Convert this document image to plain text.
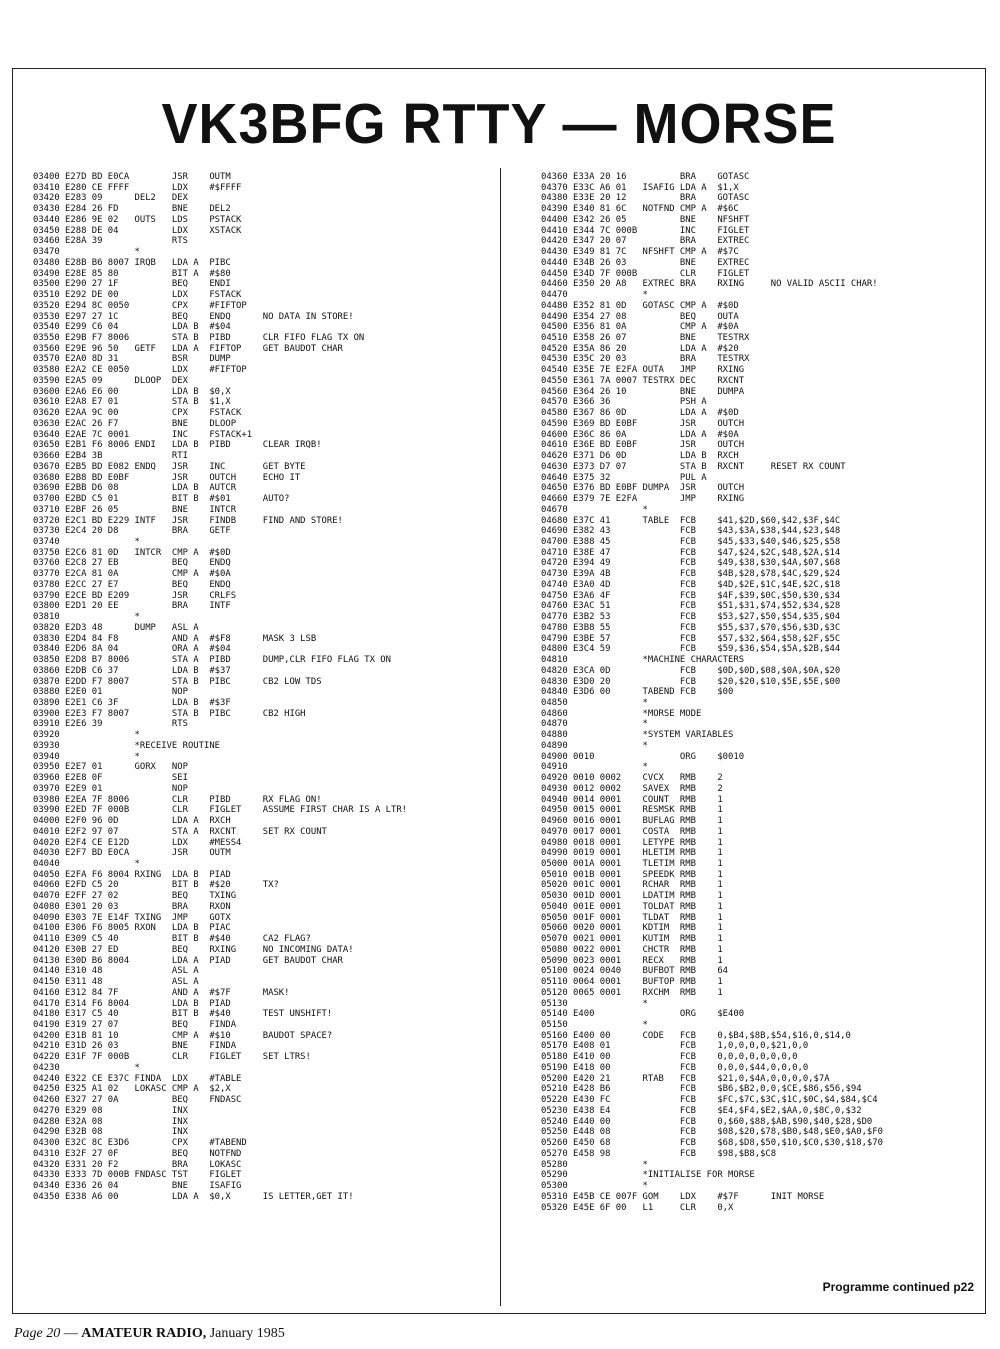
VK3BFG RTTY — MORSE
03400 E27D BD E0CA        JSR    OUTM
03410 E280 CE FFFF        LDX    #$FFFF
03420 E283 09      DEL2   DEX
03430 E284 26 FD          BNE    DEL2
03440 E286 9E 02   OUTS   LDS    PSTACK
03450 E288 DE 04          LDX    XSTACK
03460 E28A 39             RTS
03470              *
03480 E28B B6 8007 IRQB   LDA A  PIBC
03490 E28E 85 80          BIT A  #$80
03500 E290 27 1F          BEQ    ENDI
03510 E292 DE 00          LDX    FSTACK
03520 E294 8C 0050        CPX    #FIFTOP
03530 E297 27 1C          BEQ    ENDQ      NO DATA IN STORE!
03540 E299 C6 04          LDA B  #$04
03550 E29B F7 8006        STA B  PIBD      CLR FIFO FLAG TX ON
03560 E29E 96 50   GETF   LDA A  FIFTOP    GET BAUDOT CHAR
03570 E2A0 8D 31          BSR    DUMP
03580 E2A2 CE 0050        LDX    #FIFTOP
03590 E2A5 09      DLOOP  DEX
03600 E2A6 E6 00          LDA B  $0,X
03610 E2A8 E7 01          STA B  $1,X
03620 E2AA 9C 00          CPX    FSTACK
03630 E2AC 26 F7          BNE    DLOOP
03640 E2AE 7C 0001        INC    FSTACK+1
03650 E2B1 F6 8006 ENDI   LDA B  PIBD      CLEAR IRQB!
03660 E2B4 3B             RTI
03670 E2B5 BD E082 ENDQ   JSR    INC       GET BYTE
03680 E2B8 BD E0BF        JSR    OUTCH     ECHO IT
03690 E2BB D6 08          LDA B  AUTCR
03700 E2BD C5 01          BIT B  #$01      AUTO?
03710 E2BF 26 05          BNE    INTCR
03720 E2C1 BD E229 INTF   JSR    FINDB     FIND AND STORE!
03730 E2C4 20 D8          BRA    GETF
03740              *
03750 E2C6 81 0D   INTCR  CMP A  #$0D
03760 E2C8 27 EB          BEQ    ENDQ
03770 E2CA 81 0A          CMP A  #$0A
03780 E2CC 27 E7          BEQ    ENDQ
03790 E2CE BD E209        JSR    CRLFS
03800 E2D1 20 EE          BRA    INTF
03810              *
03820 E2D3 48      DUMP   ASL A
03830 E2D4 84 F8          AND A  #$F8      MASK 3 LSB
03840 E2D6 8A 04          ORA A  #$04
03850 E2D8 B7 8006        STA A  PIBD      DUMP,CLR FIFO FLAG TX ON
03860 E2DB C6 37          LDA B  #$37
03870 E2DD F7 8007        STA B  PIBC      CB2 LOW TDS
03880 E2E0 01             NOP
03890 E2E1 C6 3F          LDA B  #$3F
03900 E2E3 F7 8007        STA B  PIBC      CB2 HIGH
03910 E2E6 39             RTS
03920              *
03930              *RECEIVE ROUTINE
03940              *
03950 E2E7 01      GORX   NOP
03960 E2E8 0F             SEI
03970 E2E9 01             NOP
03980 E2EA 7F 8006        CLR    PIBD      RX FLAG ON!
03990 E2ED 7F 000B        CLR    FIGLET    ASSUME FIRST CHAR IS A LTR!
04000 E2F0 96 0D          LDA A  RXCH
04010 E2F2 97 07          STA A  RXCNT     SET RX COUNT
04020 E2F4 CE E12D        LDX    #MESS4
04030 E2F7 BD E0CA        JSR    OUTM
04040              *
04050 E2FA F6 8004 RXING  LDA B  PIAD
04060 E2FD C5 20          BIT B  #$20      TX?
04070 E2FF 27 02          BEQ    TXING
04080 E301 20 03          BRA    RXON
04090 E303 7E E14F TXING  JMP    GOTX
04100 E306 F6 8005 RXON   LDA B  PIAC
04110 E309 C5 40          BIT B  #$40      CA2 FLAG?
04120 E30B 27 ED          BEQ    RXING     NO INCOMING DATA!
04130 E30D B6 8004        LDA A  PIAD      GET BAUDOT CHAR
04140 E310 48             ASL A
04150 E311 48             ASL A
04160 E312 84 7F          AND A  #$7F      MASK!
04170 E314 F6 8004        LDA B  PIAD
04180 E317 C5 40          BIT B  #$40      TEST UNSHIFT!
04190 E319 27 07          BEQ    FINDA
04200 E31B 81 10          CMP A  #$10      BAUDOT SPACE?
04210 E31D 26 03          BNE    FINDA
04220 E31F 7F 000B        CLR    FIGLET    SET LTRS!
04230              *
04240 E322 CE E37C FINDA  LDX    #TABLE
04250 E325 A1 02   LOKASC CMP A  $2,X
04260 E327 27 0A          BEQ    FNDASC
04270 E329 08             INX
04280 E32A 08             INX
04290 E32B 08             INX
04300 E32C 8C E3D6        CPX    #TABEND
04310 E32F 27 0F          BEQ    NOTFND
04320 E331 20 F2          BRA    LOKASC
04330 E333 7D 000B FNDASC TST    FIGLET
04340 E336 26 04          BNE    ISAFIG
04350 E338 A6 00          LDA A  $0,X      IS LETTER,GET IT!
04360 E33A 20 16          BRA    GOTASC
04370 E33C A6 01   ISAFIG LDA A  $1,X
04380 E33E 20 12          BRA    GOTASC
04390 E340 81 6C   NOTFND CMP A  #$6C
04400 E342 26 05          BNE    NFSHFT
04410 E344 7C 000B        INC    FIGLET
04420 E347 20 07          BRA    EXTREC
04430 E349 81 7C   NFSHFT CMP A  #$7C
04440 E34B 26 03          BNE    EXTREC
04450 E34D 7F 000B        CLR    FIGLET
04460 E350 20 A8   EXTREC BRA    RXING     NO VALID ASCII CHAR!
04470              *
04480 E352 81 0D   GOTASC CMP A  #$0D
04490 E354 27 08          BEQ    OUTA
04500 E356 81 0A          CMP A  #$0A
04510 E358 26 07          BNE    TESTRX
04520 E35A 86 20          LDA A  #$20
04530 E35C 20 03          BRA    TESTRX
04540 E35E 7E E2FA OUTA   JMP    RXING
04550 E361 7A 0007 TESTRX DEC    RXCNT
04560 E364 26 10          BNE    DUMPA
04570 E366 36             PSH A
04580 E367 86 0D          LDA A  #$0D
04590 E369 BD E0BF        JSR    OUTCH
04600 E36C 86 0A          LDA A  #$0A
04610 E36E BD E0BF        JSR    OUTCH
04620 E371 D6 0D          LDA B  RXCH
04630 E373 D7 07          STA B  RXCNT     RESET RX COUNT
04640 E375 32             PUL A
04650 E376 BD E0BF DUMPA  JSR    OUTCH
04660 E379 7E E2FA        JMP    RXING
04670              *
04680 E37C 41      TABLE  FCB    $41,$2D,$60,$42,$3F,$4C
04690 E382 43             FCB    $43,$3A,$38,$44,$23,$48
04700 E388 45             FCB    $45,$33,$40,$46,$25,$58
04710 E38E 47             FCB    $47,$24,$2C,$48,$2A,$14
04720 E394 49             FCB    $49,$38,$30,$4A,$07,$68
04730 E39A 4B             FCB    $4B,$28,$78,$4C,$29,$24
04740 E3A0 4D             FCB    $4D,$2E,$1C,$4E,$2C,$18
04750 E3A6 4F             FCB    $4F,$39,$0C,$50,$30,$34
04760 E3AC 51             FCB    $51,$31,$74,$52,$34,$28
04770 E3B2 53             FCB    $53,$27,$50,$54,$35,$04
04780 E3B8 55             FCB    $55,$37,$70,$56,$3D,$3C
04790 E3BE 57             FCB    $57,$32,$64,$58,$2F,$5C
04800 E3C4 59             FCB    $59,$36,$54,$5A,$2B,$44
04810              *MACHINE CHARACTERS
04820 E3CA 0D             FCB    $0D,$0D,$08,$0A,$0A,$20
04830 E3D0 20             FCB    $20,$20,$10,$5E,$5E,$00
04840 E3D6 00      TABEND FCB    $00
04850              *
04860              *MORSE MODE
04870              *
04880              *SYSTEM VARIABLES
04890              *
04900 0010                ORG    $0010
04910              *
04920 0010 0002    CVCX   RMB    2
04930 0012 0002    SAVEX  RMB    2
04940 0014 0001    COUNT  RMB    1
04950 0015 0001    RESMSK RMB    1
04960 0016 0001    BUFLAG RMB    1
04970 0017 0001    COSTA  RMB    1
04980 0018 0001    LETYPE RMB    1
04990 0019 0001    HLETIM RMB    1
05000 001A 0001    TLETIM RMB    1
05010 001B 0001    SPEEDK RMB    1
05020 001C 0001    RCHAR  RMB    1
05030 001D 0001    LDATIM RMB    1
05040 001E 0001    TOLDAT RMB    1
05050 001F 0001    TLDAT  RMB    1
05060 0020 0001    KDTIM  RMB    1
05070 0021 0001    KUTIM  RMB    1
05080 0022 0001    CHCTR  RMB    1
05090 0023 0001    RECX   RMB    1
05100 0024 0040    BUFBOT RMB    64
05110 0064 0001    BUFTOP RMB    1
05120 0065 0001    RXCHM  RMB    1
05130              *
05140 E400                ORG    $E400
05150              *
05160 E400 00      CODE   FCB    0,$B4,$8B,$54,$16,0,$14,0
05170 E408 01             FCB    1,0,0,0,0,$21,0,0
05180 E410 00             FCB    0,0,0,0,0,0,0,0
05190 E418 00             FCB    0,0,0,$44,0,0,0,0
05200 E420 21      RTAB   FCB    $21,0,$4A,0,0,0,0,$7A
05210 E428 B6             FCB    $B6,$B2,0,0,$CE,$86,$56,$94
05220 E430 FC             FCB    $FC,$7C,$3C,$1C,$0C,$4,$84,$C4
05230 E438 E4             FCB    $E4,$F4,$E2,$AA,0,$8C,0,$32
05240 E440 00             FCB    0,$60,$88,$AB,$90,$40,$28,$D0
05250 E448 08             FCB    $08,$20,$78,$B0,$48,$E0,$A0,$F0
05260 E450 68             FCB    $68,$D8,$50,$10,$C0,$30,$18,$70
05270 E458 98             FCB    $98,$B8,$C8
05280              *
05290              *INITIALISE FOR MORSE
05300              *
05310 E45B CE 007F GOM    LDX    #$7F      INIT MORSE
05320 E45E 6F 00   L1     CLR    0,X
Programme continued p22
Page 20 — AMATEUR RADIO, January 1985
